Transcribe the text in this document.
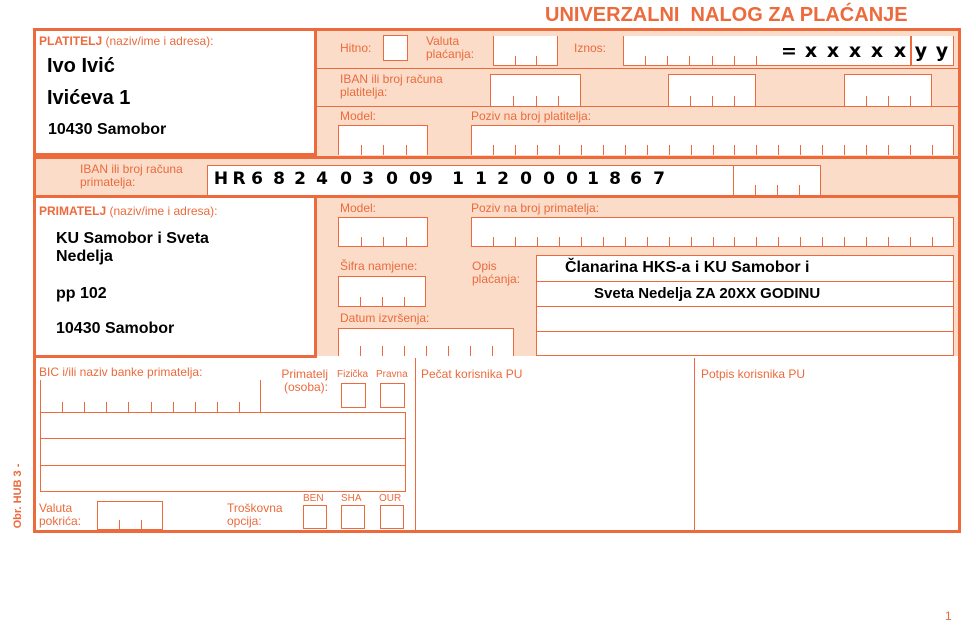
UNIVERZALNI  NALOG ZA PLAĆANJE
Obr. HUB 3 -
PLATITELJ (naziv/ime i adresa):
Ivo Ivić
Ivićeva 1
10430 Samobor
Hitno:	Valuta plaćanja:	Iznos:	= x x x x x y y
IBAN ili broj računa platitelja:
Model:	Poziv na broj platitelja:
IBAN ili broj računa primatelja:	H R 6 8 2 4 0 3 0 09	1 1 2 0 0 0 1 8 6 7
PRIMATELJ (naziv/ime i adresa):
KU Samobor i Sveta
Nedelja
pp 102
10430 Samobor
Model:	Poziv na broj primatelja:
Šifra namjene:	Opis plaćanja:
Članarina HKS-a i KU Samobor i
Sveta Nedelja ZA 20XX GODINU
Datum izvršenja:
BIC i/ili naziv banke primatelja:	Primatelj (osoba):
Fizička Pravna
Valuta pokrića:
Troškovna opcija:
BEN SHA OUR
Pečat korisnika PU	Potpis korisnika PU
1
